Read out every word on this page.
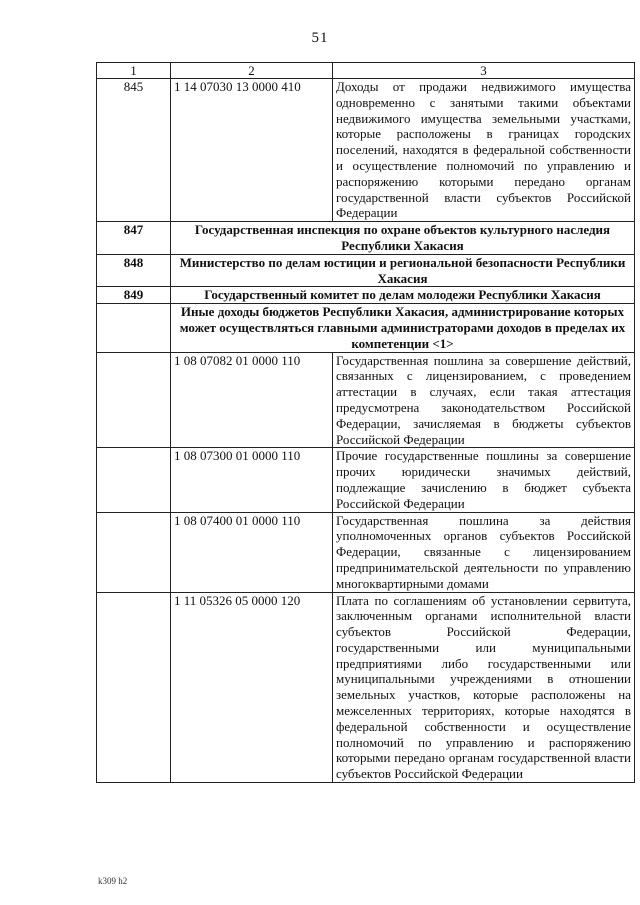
51
1	2	3
845	1 14 07030 13 0000 410	Доходы от продажи недвижимого имущества одновременно с занятыми такими объектами недвижимого имущества земельными участками, которые расположены в границах городских поселений, находятся в федеральной собственности и осуществление полномочий по управлению и распоряжению которыми передано органам государственной власти субъектов Российской Федерации
847	Государственная инспекция по охране объектов культурного наследия Республики Хакасия	
848	Министерство по делам юстиции и региональной безопасности Республики Хакасия	
849	Государственный комитет по делам молодежи Республики Хакасия	
	Иные доходы бюджетов Республики Хакасия, администрирование которых может осуществляться главными администраторами доходов в пределах их компетенции <1>	
	1 08 07082 01 0000 110	Государственная пошлина за совершение действий, связанных с лицензированием, с проведением аттестации в случаях, если такая аттестация предусмотрена законодательством Российской Федерации, зачисляемая в бюджеты субъектов Российской Федерации
	1 08 07300 01 0000 110	Прочие государственные пошлины за совершение прочих юридически значимых действий, подлежащие зачислению в бюджет субъекта Российской Федерации
	1 08 07400 01 0000 110	Государственная пошлина за действия уполномоченных органов субъектов Российской Федерации, связанные с лицензированием предпринимательской деятельности по управлению многоквартирными домами
	1 11 05326 05 0000 120	Плата по соглашениям об установлении сервитута, заключенным органами исполнительной власти субъектов Российской Федерации, государственными или муниципальными предприятиями либо государственными или муниципальными учреждениями в отношении земельных участков, которые расположены на межселенных территориях, которые находятся в федеральной собственности и осуществление полномочий по управлению и распоряжению которыми передано органам государственной власти субъектов Российской Федерации
k309 h2
